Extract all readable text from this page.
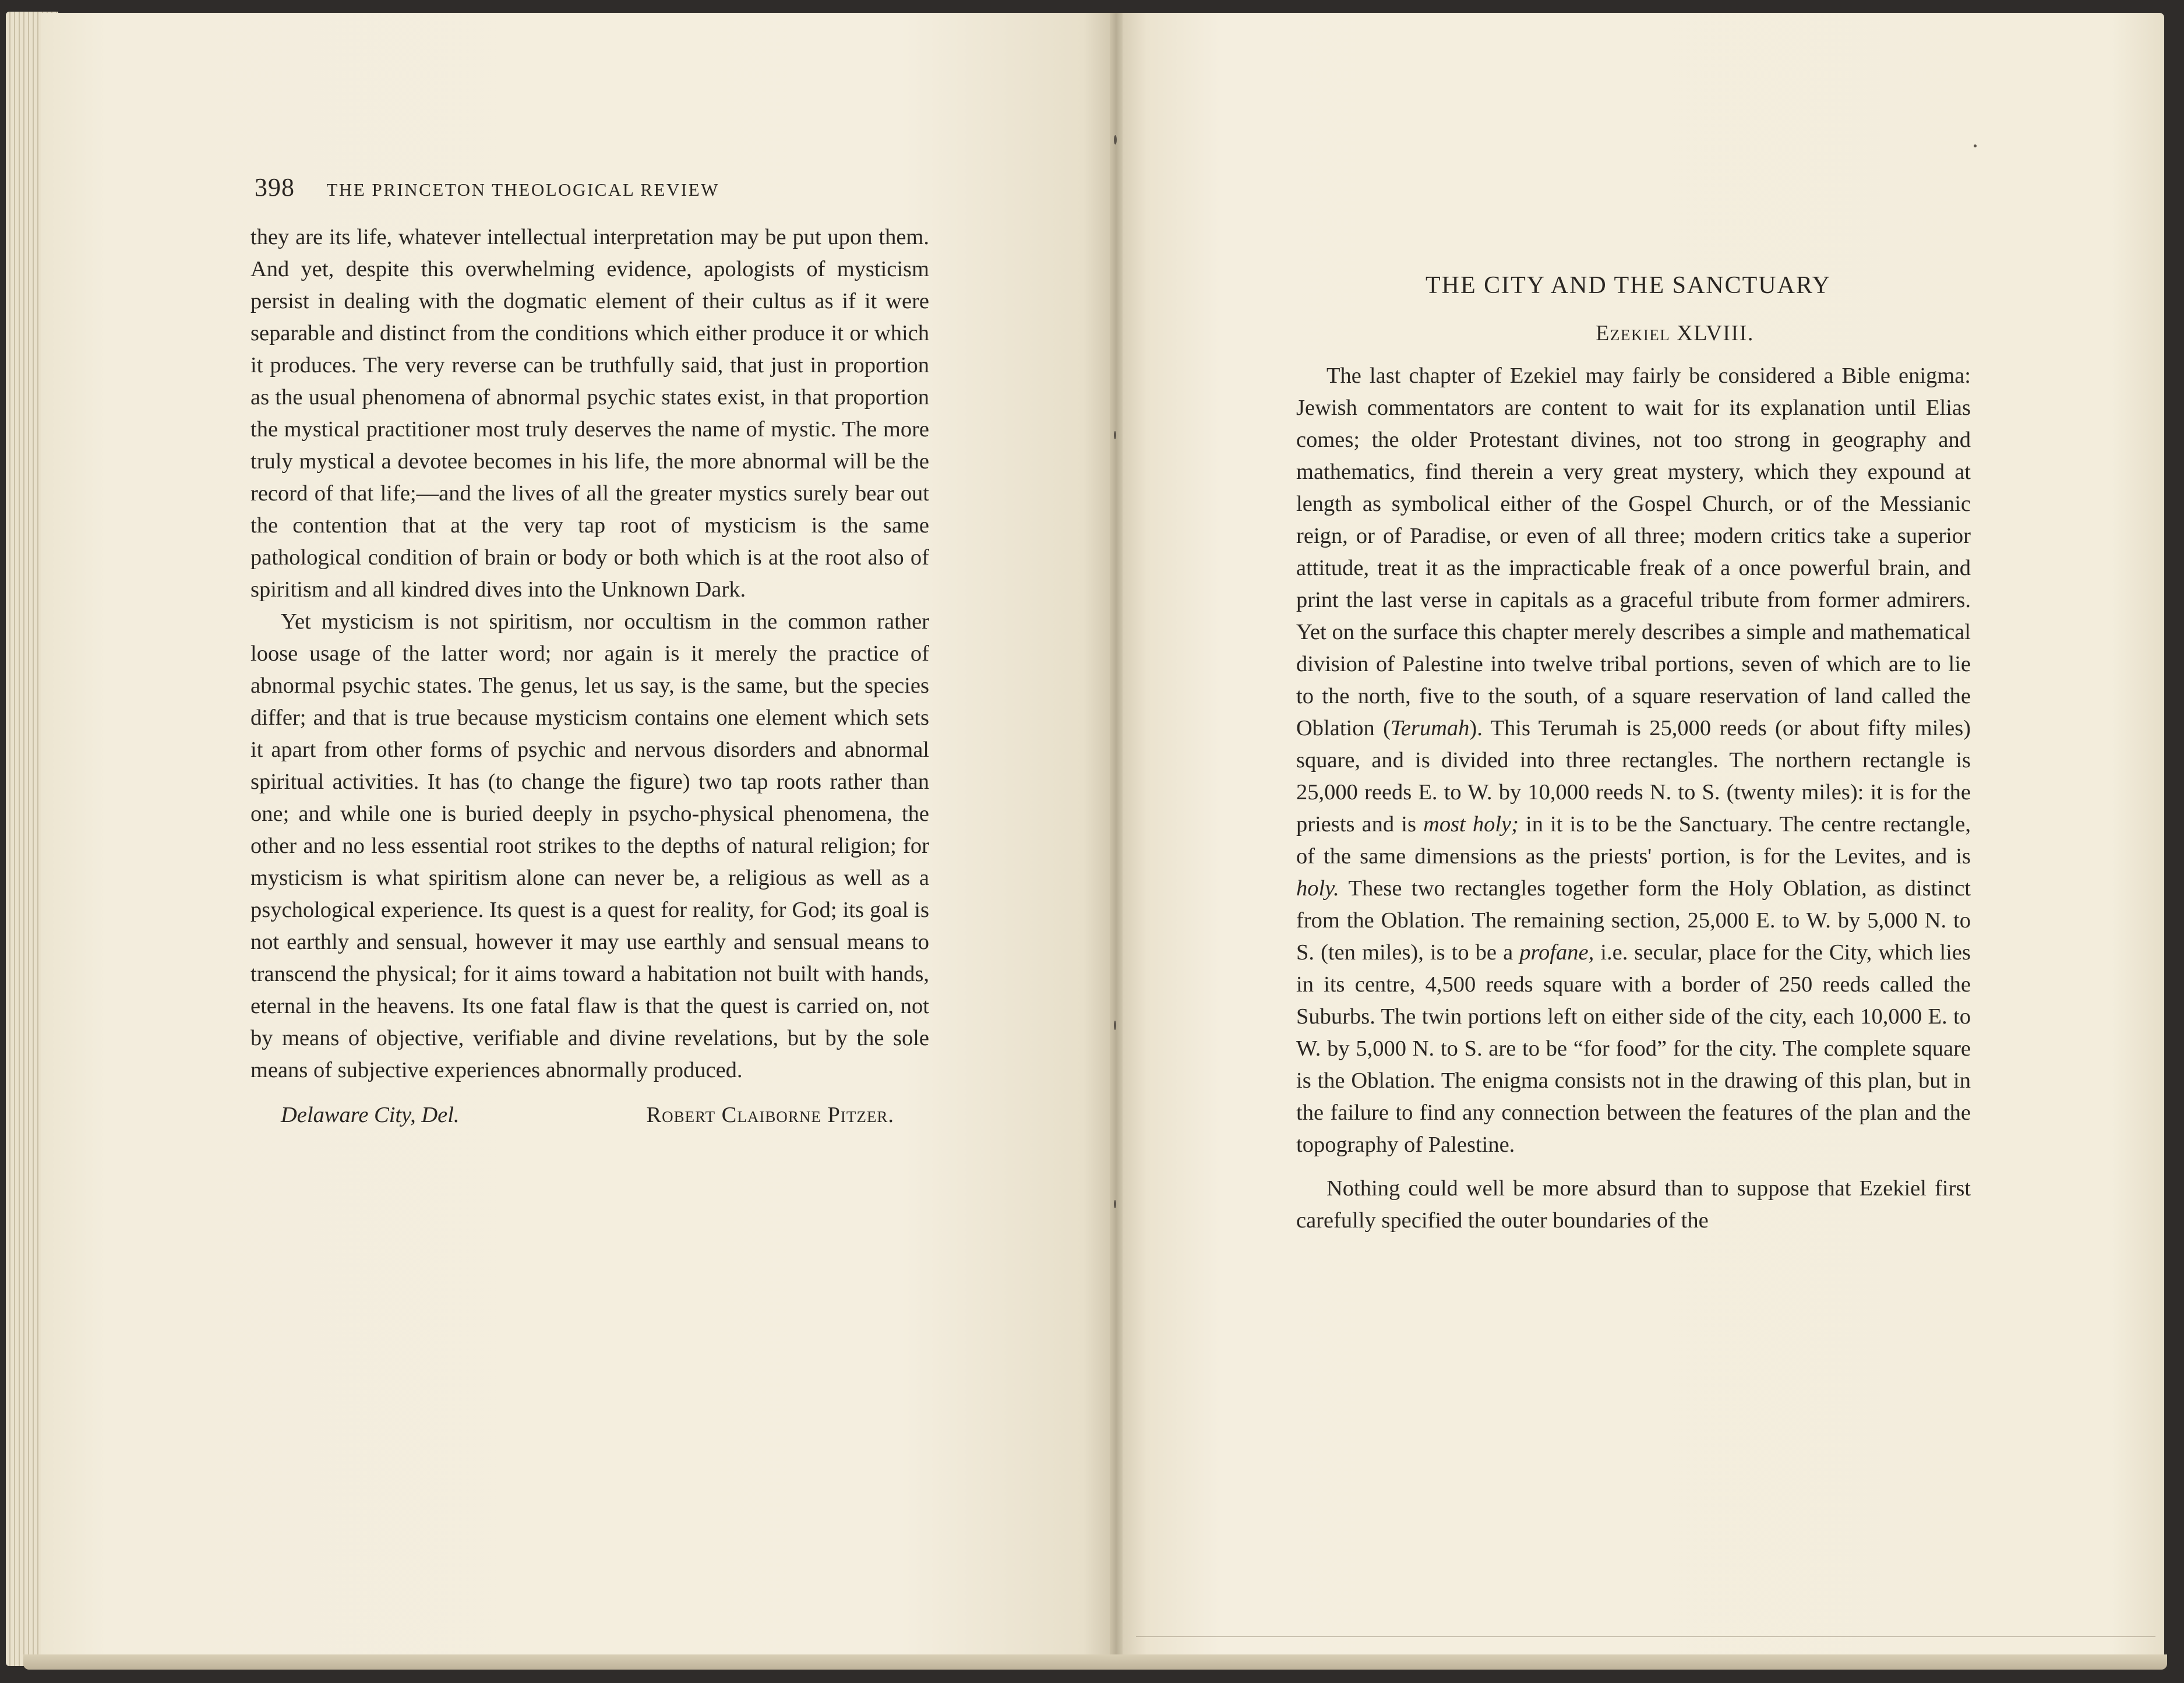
398 THE PRINCETON THEOLOGICAL REVIEW

they are its life, whatever intellectual interpretation may be put upon them. And yet, despite this overwhelming evidence, apologists of mysticism persist in dealing with the dogmatic element of their cultus as if it were separable and distinct from the conditions which either produce it or which it produces. The very reverse can be truthfully said, that just in proportion as the usual phenomena of abnormal psychic states exist, in that proportion the mystical practitioner most truly deserves the name of mystic. The more truly mystical a devotee becomes in his life, the more abnormal will be the record of that life;—and the lives of all the greater mystics surely bear out the contention that at the very tap root of mysticism is the same pathological condition of brain or body or both which is at the root also of spiritism and all kindred dives into the Unknown Dark.

Yet mysticism is not spiritism, nor occultism in the common rather loose usage of the latter word; nor again is it merely the practice of abnormal psychic states. The genus, let us say, is the same, but the species differ; and that is true because mysticism contains one element which sets it apart from other forms of psychic and nervous disorders and abnormal spiritual activities. It has (to change the figure) two tap roots rather than one; and while one is buried deeply in psycho-physical phenomena, the other and no less essential root strikes to the depths of natural religion; for mysticism is what spiritism alone can never be, a religious as well as a psychological experience. Its quest is a quest for reality, for God; its goal is not earthly and sensual, however it may use earthly and sensual means to transcend the physical; for it aims toward a habitation not built with hands, eternal in the heavens. Its one fatal flaw is that the quest is carried on, not by means of objective, verifiable and divine revelations, but by the sole means of subjective experiences abnormally produced.

Delaware City, Del.	Robert Claiborne Pitzer.
THE CITY AND THE SANCTUARY
Ezekiel XLVIII.

The last chapter of Ezekiel may fairly be considered a Bible enigma: Jewish commentators are content to wait for its explanation until Elias comes; the older Protestant divines, not too strong in geography and mathematics, find therein a very great mystery, which they expound at length as symbolical either of the Gospel Church, or of the Messianic reign, or of Paradise, or even of all three; modern critics take a superior attitude, treat it as the impracticable freak of a once powerful brain, and print the last verse in capitals as a graceful tribute from former admirers. Yet on the surface this chapter merely describes a simple and mathematical division of Palestine into twelve tribal portions, seven of which are to lie to the north, five to the south, of a square reservation of land called the Oblation (Terumah). This Terumah is 25,000 reeds (or about fifty miles) square, and is divided into three rectangles. The northern rectangle is 25,000 reeds E. to W. by 10,000 reeds N. to S. (twenty miles): it is for the priests and is most holy; in it is to be the Sanctuary. The centre rectangle, of the same dimensions as the priests' portion, is for the Levites, and is holy. These two rectangles together form the Holy Oblation, as distinct from the Oblation. The remaining section, 25,000 E. to W. by 5,000 N. to S. (ten miles), is to be a profane, i.e. secular, place for the City, which lies in its centre, 4,500 reeds square with a border of 250 reeds called the Suburbs. The twin portions left on either side of the city, each 10,000 E. to W. by 5,000 N. to S. are to be “for food” for the city. The complete square is the Oblation. The enigma consists not in the drawing of this plan, but in the failure to find any connection between the features of the plan and the topography of Palestine.

Nothing could well be more absurd than to suppose that Ezekiel first carefully specified the outer boundaries of the
